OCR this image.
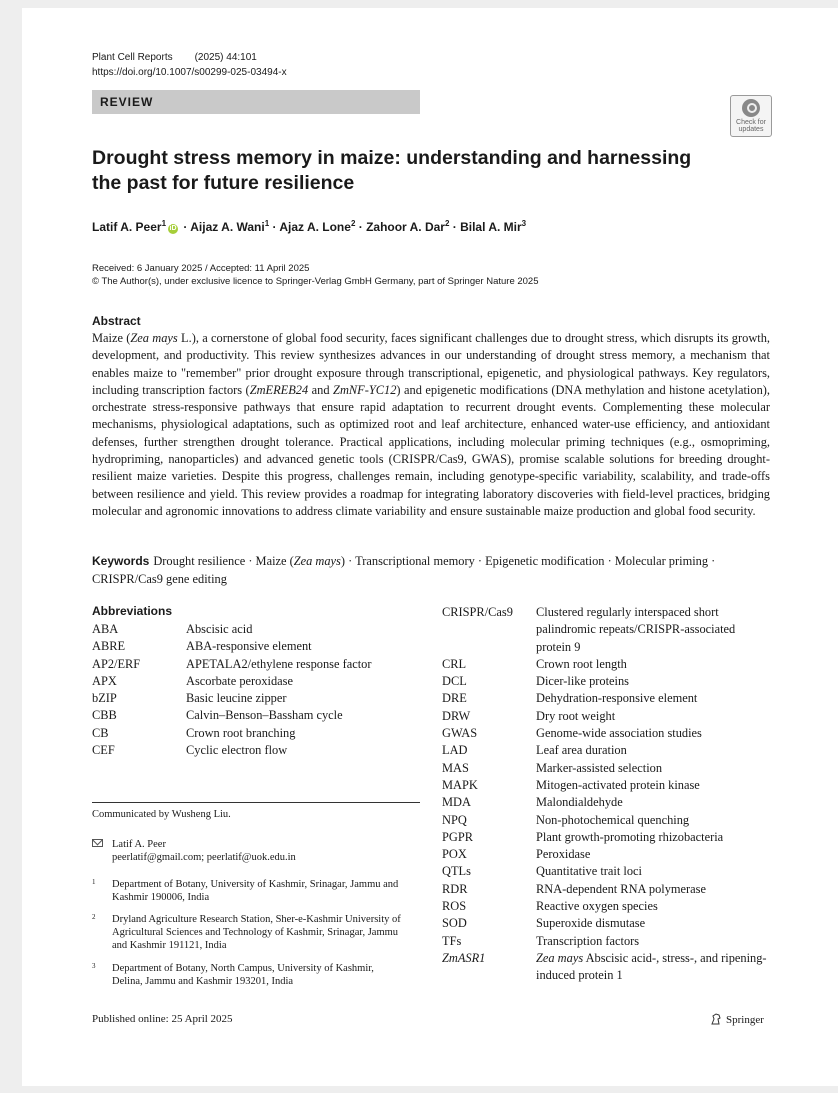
Plant Cell Reports (2025) 44:101
https://doi.org/10.1007/s00299-025-03494-x
REVIEW
Check for
updates
Drought stress memory in maize: understanding and harnessing the past for future resilience
Latif A. Peer$^1$iD · Aijaz A. Wani$^1$ · Ajaz A. Lone$^2$ · Zahoor A. Dar$^2$ · Bilal A. Mir$^3$
Received: 6 January 2025 / Accepted: 11 April 2025
© The Author(s), under exclusive licence to Springer-Verlag GmbH Germany, part of Springer Nature 2025
Abstract
Maize (Zea mays L.), a cornerstone of global food security, faces significant challenges due to drought stress, which disrupts its growth, development, and productivity. This review synthesizes advances in our understanding of drought stress memory, a mechanism that enables maize to "remember" prior drought exposure through transcriptional, epigenetic, and physiological pathways. Key regulators, including transcription factors (ZmEREB24 and ZmNF-YC12) and epigenetic modifications (DNA methylation and histone acetylation), orchestrate stress-responsive pathways that ensure rapid adaptation to recurrent drought events. Complementing these molecular mechanisms, physiological adaptations, such as optimized root and leaf architecture, enhanced water-use efficiency, and antioxidant defenses, further strengthen drought tolerance. Practical applications, including molecular priming techniques (e.g., osmopriming, hydropriming, nanoparticles) and advanced genetic tools (CRISPR/Cas9, GWAS), promise scalable solutions for breeding drought-resilient maize varieties. Despite this progress, challenges remain, including genotype-specific variability, scalability, and trade-offs between resilience and yield. This review provides a roadmap for integrating laboratory discoveries with field-level practices, bridging molecular and agronomic innovations to address climate variability and ensure sustainable maize production and global food security.
Keywords Drought resilience · Maize (Zea mays) · Transcriptional memory · Epigenetic modification · Molecular priming · CRISPR/Cas9 gene editing
Abbreviations
ABA	Abscisic acid
ABRE	ABA-responsive element
AP2/ERF	APETALA2/ethylene response factor
APX	Ascorbate peroxidase
bZIP	Basic leucine zipper
CBB	Calvin–Benson–Bassham cycle
CB	Crown root branching
CEF	Cyclic electron flow
CRISPR/Cas9 Clustered regularly interspaced short palindromic repeats/CRISPR-associated protein 9
CRL	Crown root length
DCL	Dicer-like proteins
DRE	Dehydration-responsive element
DRW	Dry root weight
GWAS	Genome-wide association studies
LAD	Leaf area duration
MAS	Marker-assisted selection
MAPK	Mitogen-activated protein kinase
MDA	Malondialdehyde
NPQ	Non-photochemical quenching
PGPR	Plant growth-promoting rhizobacteria
POX	Peroxidase
QTLs	Quantitative trait loci
RDR	RNA-dependent RNA polymerase
ROS	Reactive oxygen species
SOD	Superoxide dismutase
TFs	Transcription factors
ZmASR1	Zea mays Abscisic acid-, stress-, and ripening-induced protein 1
Communicated by Wusheng Liu.
Latif A. Peer
peerlatif@gmail.com; peerlatif@uok.edu.in
1 Department of Botany, University of Kashmir, Srinagar, Jammu and Kashmir 190006, India
2 Dryland Agriculture Research Station, Sher-e-Kashmir University of Agricultural Sciences and Technology of Kashmir, Srinagar, Jammu and Kashmir 191121, India
3 Department of Botany, North Campus, University of Kashmir, Delina, Jammu and Kashmir 193201, India
Published online: 25 April 2025	Springer
